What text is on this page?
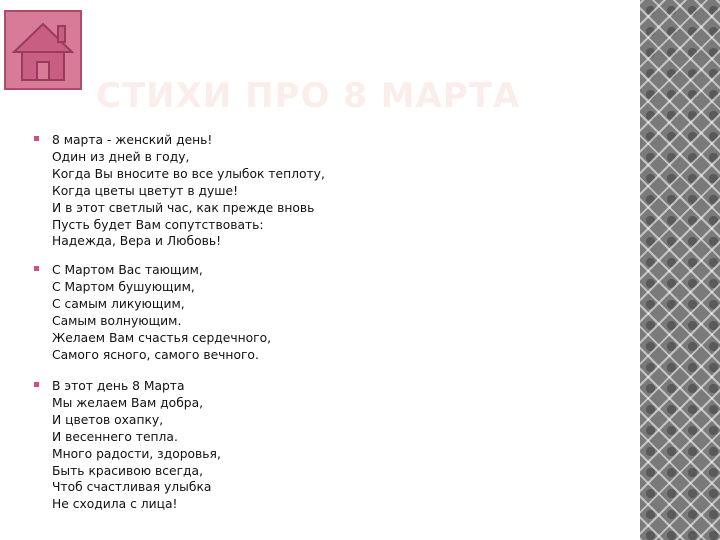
СТИХИ ПРО 8 МАРТА
8 марта - женский день!
Один из дней в году,
Когда Вы вносите во все улыбок теплоту,
Когда цветы цветут в душе!
И в этот светлый час, как прежде вновь
Пусть будет Вам сопутствовать:
Надежда, Вера и Любовь!
С Мартом Вас тающим,
С Мартом бушующим,
С самым ликующим,
Самым волнующим.
Желаем Вам счастья сердечного,
Самого ясного, самого вечного.
В этот день 8 Марта
Мы желаем Вам добра,
И цветов охапку,
И весеннего тепла.
Много радости, здоровья,
Быть красивою всегда,
Чтоб счастливая улыбка
Не сходила с лица!
